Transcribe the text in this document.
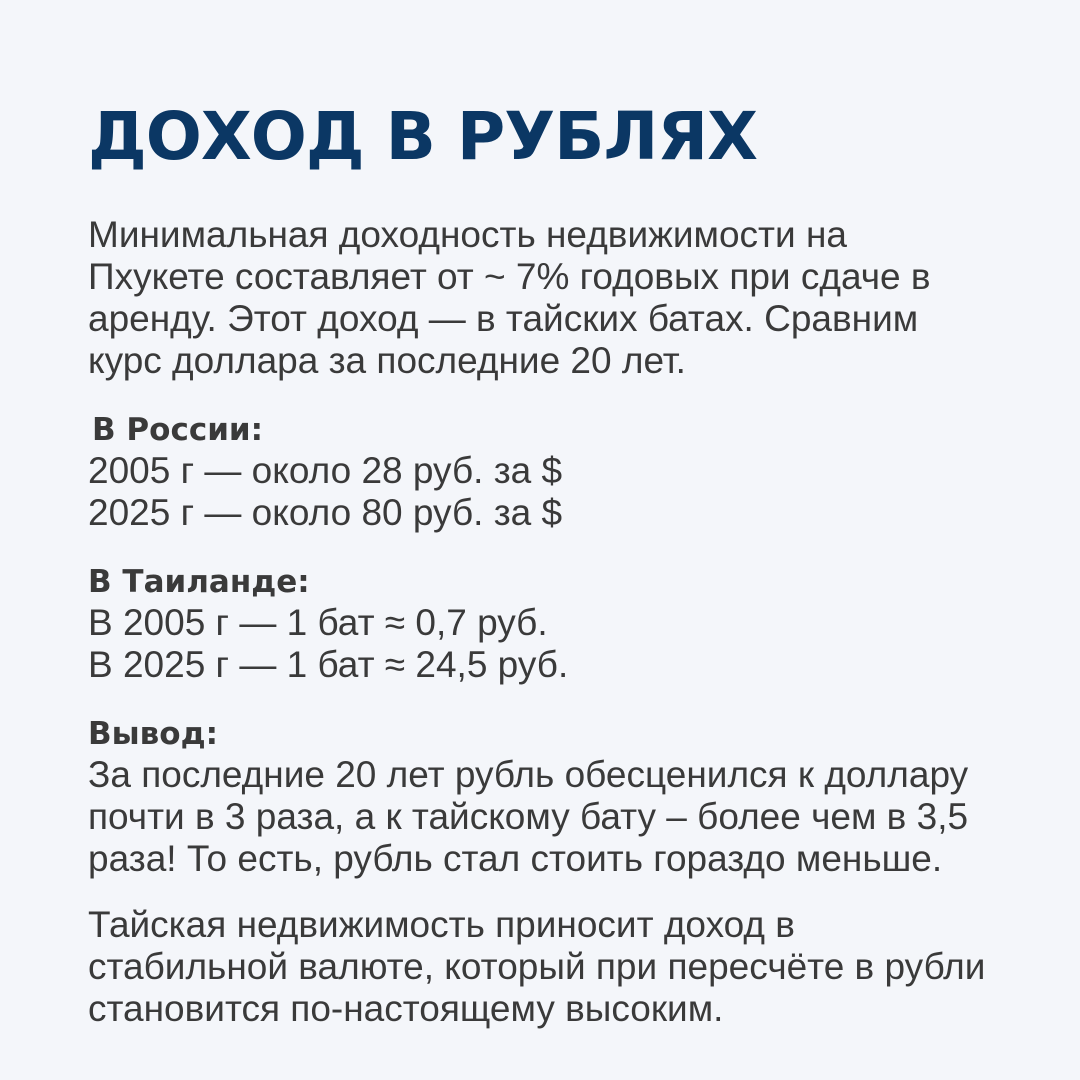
ДОХОД В РУБЛЯХ

Минимальная доходность недвижимости на Пхукете составляет от ~ 7% годовых при сдаче в аренду. Этот доход — в тайских батах. Сравним курс доллара за последние 20 лет.

В России:
2005 г — около 28 руб. за $
2025 г — около 80 руб. за $
В Таиланде:
В 2005 г — 1 бат ≈ 0,7 руб.
В 2025 г — 1 бат ≈ 24,5 руб.
Вывод:
За последние 20 лет рубль обесценился к доллару почти в 3 раза, а к тайскому бату – более чем в 3,5 раза! То есть, рубль стал стоить гораздо меньше.
Тайская недвижимость приносит доход в стабильной валюте, который при пересчёте в рубли становится по-настоящему высоким.
